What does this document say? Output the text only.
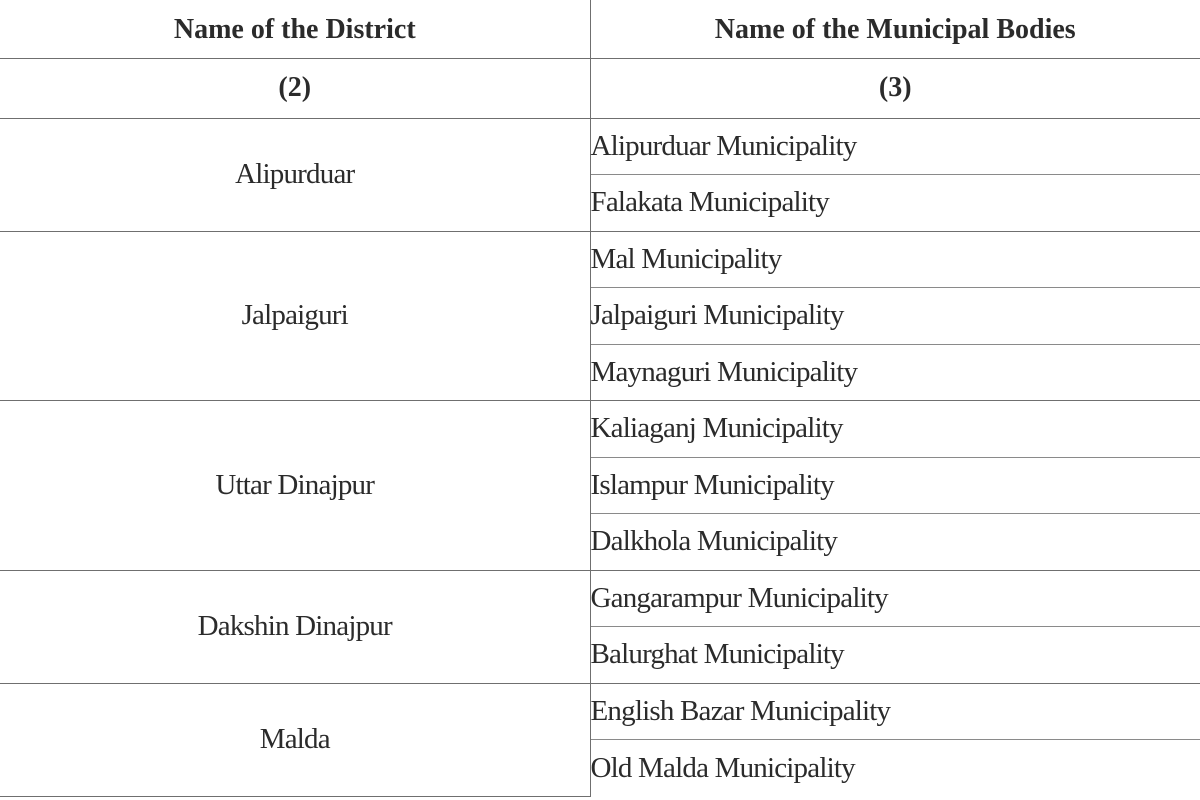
Name of the District	Name of the Municipal Bodies
(2)	(3)
Alipurduar	Alipurduar Municipality
	Falakata Municipality
Jalpaiguri	Mal Municipality
	Jalpaiguri Municipality
	Maynaguri Municipality
Uttar Dinajpur	Kaliaganj Municipality
	Islampur Municipality
	Dalkhola Municipality
Dakshin Dinajpur	Gangarampur Municipality
	Balurghat Municipality
Malda	English Bazar Municipality
	Old Malda Municipality
